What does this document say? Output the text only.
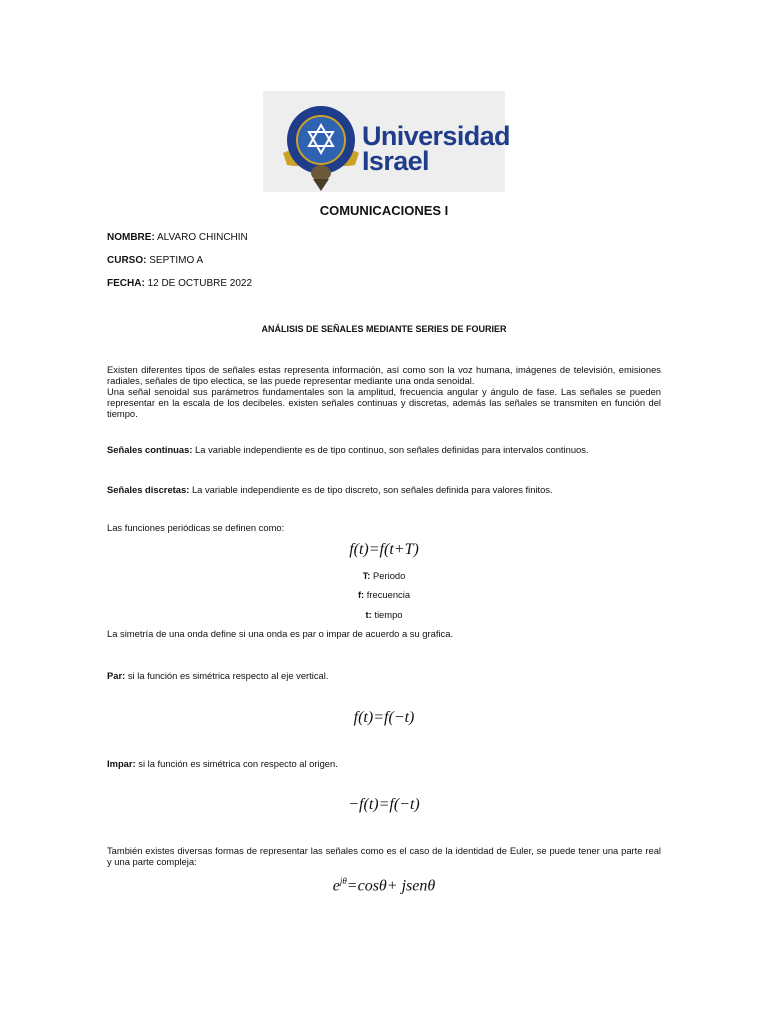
Universidad
Israel
COMUNICACIONES I
NOMBRE: ALVARO CHINCHIN
CURSO: SEPTIMO A
FECHA: 12 DE OCTUBRE 2022
ANÁLISIS DE SEÑALES MEDIANTE SERIES DE FOURIER
Existen diferentes tipos de señales estas representa información, así como son la voz humana, imágenes de televisión, emisiones radiales, señales de tipo electica, se las puede representar mediante una onda senoidal.
Una señal senoidal sus parámetros fundamentales son la amplitud, frecuencia angular y ángulo de fase. Las señales se pueden representar en la escala de los decibeles. existen señales continuas y discretas, además las señales se transmiten en función del tiempo.
Señales continuas: La variable independiente es de tipo continuo, son señales definidas para intervalos continuos.
Señales discretas: La variable independiente es de tipo discreto, son señales definida para valores finitos.
Las funciones periódicas se definen como:
f(t)=f(t+T)
T: Periodo
f: frecuencia
t: tiempo
La simetría de una onda define si una onda es par o impar de acuerdo a su grafica.
Par: si la función es simétrica respecto al eje vertical.
f(t)=f(−t)
Impar: si la función es simétrica con respecto al origen.
−f(t)=f(−t)
También existes diversas formas de representar las señales como es el caso de la identidad de Euler, se puede tener una parte real y una parte compleja:
$e^{j\theta}=\cos\theta+$ jsenθ
